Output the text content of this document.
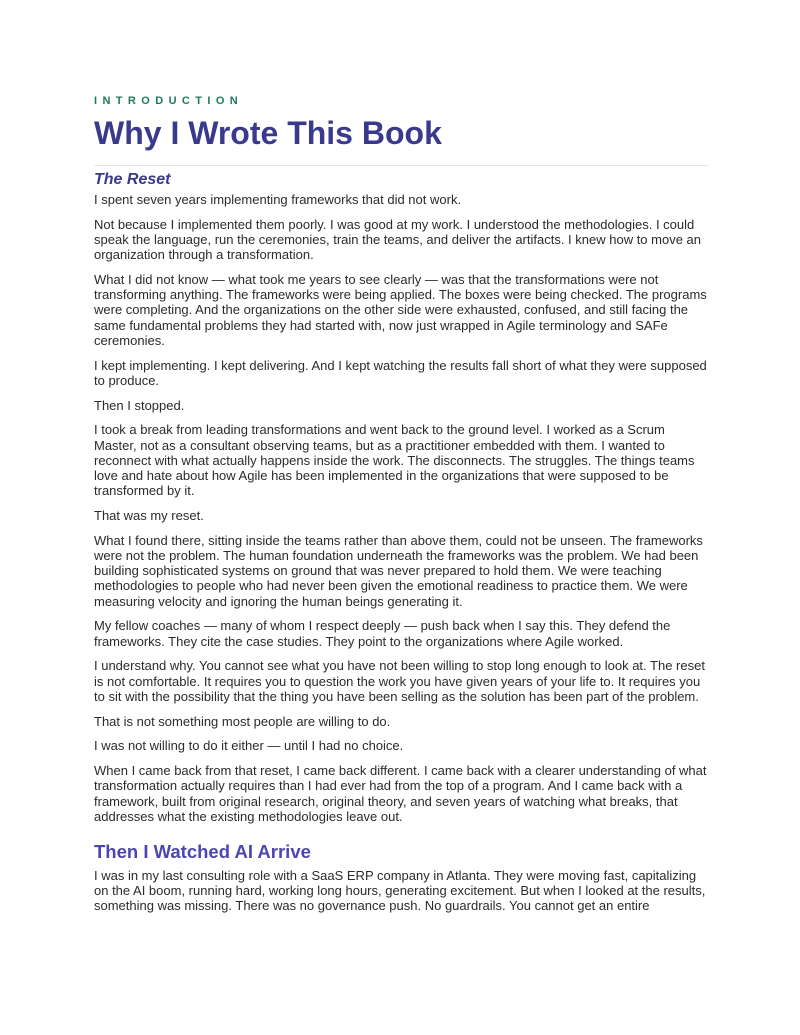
INTRODUCTION

Why I Wrote This Book
The Reset

I spent seven years implementing frameworks that did not work.

Not because I implemented them poorly. I was good at my work. I understood the methodologies. I could speak the language, run the ceremonies, train the teams, and deliver the artifacts. I knew how to move an organization through a transformation.

What I did not know — what took me years to see clearly — was that the transformations were not transforming anything. The frameworks were being applied. The boxes were being checked. The programs were completing. And the organizations on the other side were exhausted, confused, and still facing the same fundamental problems they had started with, now just wrapped in Agile terminology and SAFe ceremonies.

I kept implementing. I kept delivering. And I kept watching the results fall short of what they were supposed to produce.

Then I stopped.

I took a break from leading transformations and went back to the ground level. I worked as a Scrum Master, not as a consultant observing teams, but as a practitioner embedded with them. I wanted to reconnect with what actually happens inside the work. The disconnects. The struggles. The things teams love and hate about how Agile has been implemented in the organizations that were supposed to be transformed by it.

That was my reset.

What I found there, sitting inside the teams rather than above them, could not be unseen. The frameworks were not the problem. The human foundation underneath the frameworks was the problem. We had been building sophisticated systems on ground that was never prepared to hold them. We were teaching methodologies to people who had never been given the emotional readiness to practice them. We were measuring velocity and ignoring the human beings generating it.

My fellow coaches — many of whom I respect deeply — push back when I say this. They defend the frameworks. They cite the case studies. They point to the organizations where Agile worked.

I understand why. You cannot see what you have not been willing to stop long enough to look at. The reset is not comfortable. It requires you to question the work you have given years of your life to. It requires you to sit with the possibility that the thing you have been selling as the solution has been part of the problem.

That is not something most people are willing to do.

I was not willing to do it either — until I had no choice.

When I came back from that reset, I came back different. I came back with a clearer understanding of what transformation actually requires than I had ever had from the top of a program. And I came back with a framework, built from original research, original theory, and seven years of watching what breaks, that addresses what the existing methodologies leave out.

Then I Watched AI Arrive

I was in my last consulting role with a SaaS ERP company in Atlanta. They were moving fast, capitalizing on the AI boom, running hard, working long hours, generating excitement. But when I looked at the results, something was missing. There was no governance push. No guardrails. You cannot get an entire
